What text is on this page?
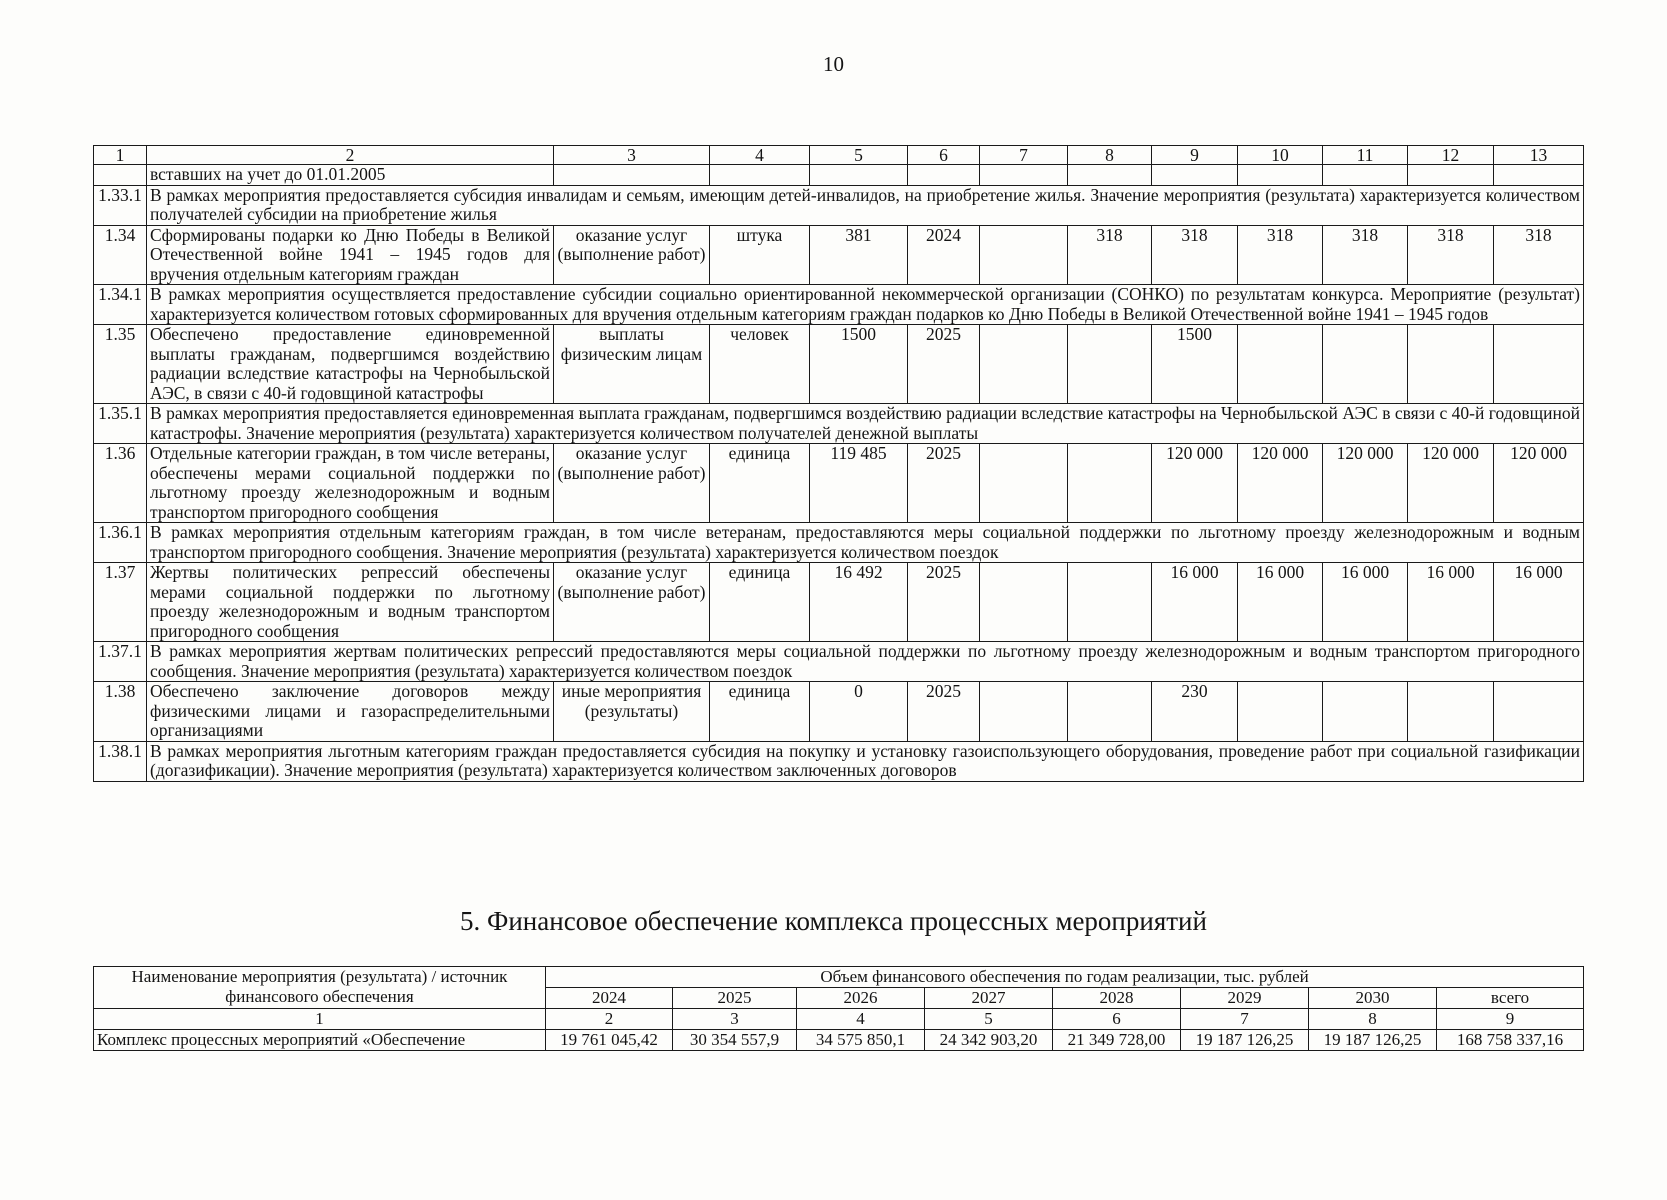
10
1	2	3	4	5	6	7	8	9	10	11	12	13
	вставших на учет до 01.01.2005											
1.33.1	В рамках мероприятия предоставляется субсидия инвалидам и семьям, имеющим детей-инвалидов, на приобретение жилья. Значение мероприятия (результата) характеризуется количеством получателей субсидии на приобретение жилья											
1.34	Сформированы подарки ко Дню Победы в Великой Отечественной войне 1941 – 1945 годов для вручения отдельным категориям граждан	оказание услуг (выполнение работ)	штука	381	2024		318	318	318	318	318	318
1.34.1	В рамках мероприятия осуществляется предоставление субсидии социально ориентированной некоммерческой организации (СОНКО) по результатам конкурса. Мероприятие (результат) характеризуется количеством готовых сформированных для вручения отдельным категориям граждан подарков ко Дню Победы в Великой Отечественной войне 1941 – 1945 годов											
1.35	Обеспечено предоставление единовременной выплаты гражданам, подвергшимся воздействию радиации вследствие катастрофы на Чернобыльской АЭС, в связи с 40-й годовщиной катастрофы	выплаты физическим лицам	человек	1500	2025			1500				
1.35.1	В рамках мероприятия предоставляется единовременная выплата гражданам, подвергшимся воздействию радиации вследствие катастрофы на Чернобыльской АЭС в связи с 40-й годовщиной катастрофы. Значение мероприятия (результата) характеризуется количеством получателей денежной выплаты											
1.36	Отдельные категории граждан, в том числе ветераны, обеспечены мерами социальной поддержки по льготному проезду железнодорожным и водным транспортом пригородного сообщения	оказание услуг (выполнение работ)	единица	119 485	2025			120 000	120 000	120 000	120 000	120 000
1.36.1	В рамках мероприятия отдельным категориям граждан, в том числе ветеранам, предоставляются меры социальной поддержки по льготному проезду железнодорожным и водным транспортом пригородного сообщения. Значение мероприятия (результата) характеризуется количеством поездок											
1.37	Жертвы политических репрессий обеспечены мерами социальной поддержки по льготному проезду железнодорожным и водным транспортом пригородного сообщения	оказание услуг (выполнение работ)	единица	16 492	2025			16 000	16 000	16 000	16 000	16 000
1.37.1	В рамках мероприятия жертвам политических репрессий предоставляются меры социальной поддержки по льготному проезду железнодорожным и водным транспортом пригородного сообщения. Значение мероприятия (результата) характеризуется количеством поездок											
1.38	Обеспечено заключение договоров между физическими лицами и газораспределительными организациями	иные мероприятия (результаты)	единица	0	2025			230				
1.38.1	В рамках мероприятия льготным категориям граждан предоставляется субсидия на покупку и установку газоиспользующего оборудования, проведение работ при социальной газификации (догазификации). Значение мероприятия (результата) характеризуется количеством заключенных договоров											
5. Финансовое обеспечение комплекса процессных мероприятий
Наименование мероприятия (результата) / источник финансового обеспечения	Объем финансового обеспечения по годам реализации, тыс. рублей							
	2024	2025	2026	2027	2028	2029	2030	всего
1	2	3	4	5	6	7	8	9
Комплекс процессных мероприятий «Обеспечение	19 761 045,42	30 354 557,9	34 575 850,1	24 342 903,20	21 349 728,00	19 187 126,25	19 187 126,25	168 758 337,16
